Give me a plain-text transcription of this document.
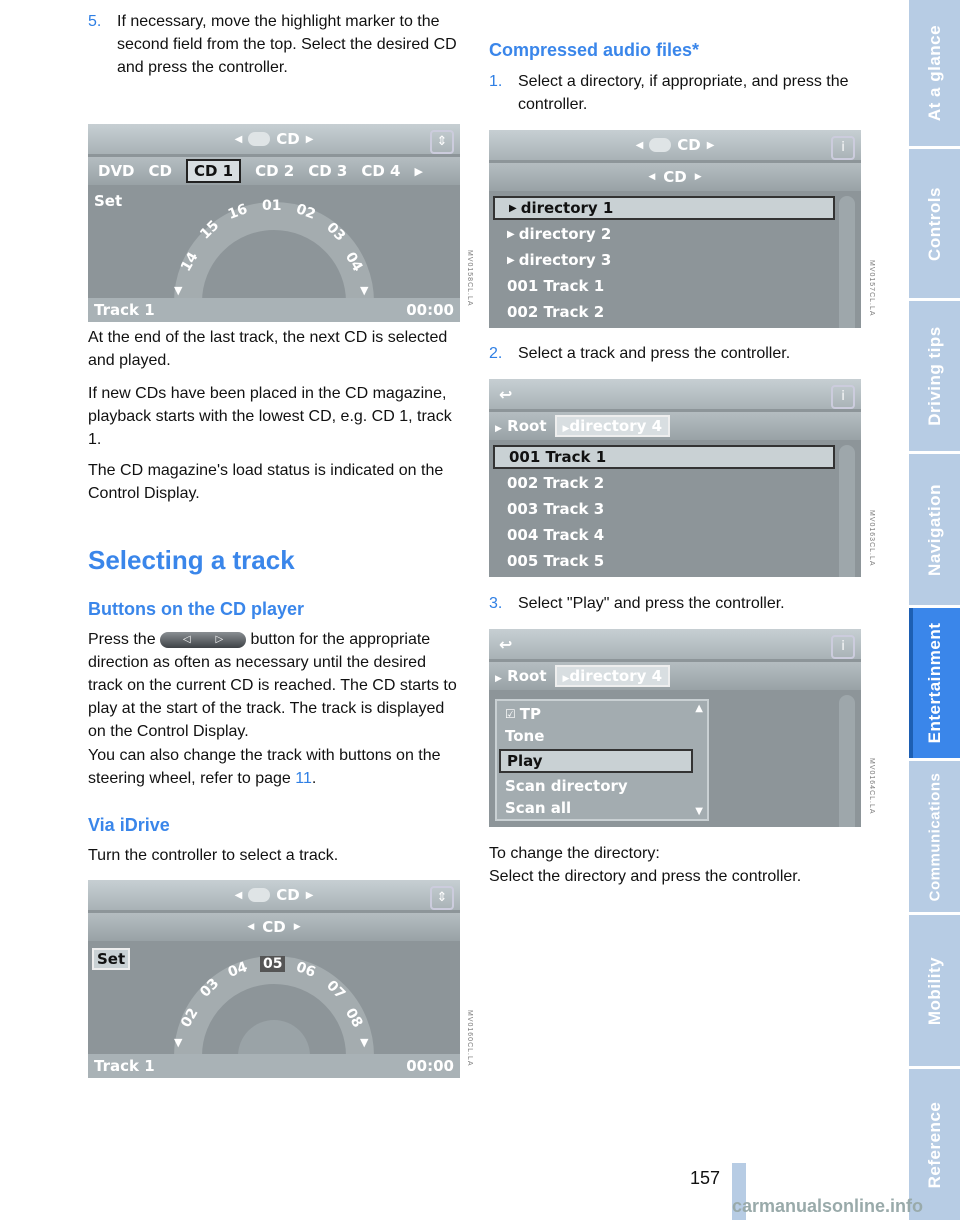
5. If necessary, move the highlight marker to the second field from the top. Select the desired CD and press the controller.
◀ CD ▶	⇕
DVD CD	CD 1	CD 2 CD 3 CD 4 ▶
Set
14
15
16 01 02
03
04
▼	▼
Track 1	00:00
MV0158CL.LA

At the end of the last track, the next CD is selected and played.

If new CDs have been placed in the CD magazine, playback starts with the lowest CD, e.g. CD 1, track 1.

The CD magazine's load status is indicated on the Control Display.

Selecting a track
Buttons on the CD player
Press the	◁         ▷ button for the appropriate direction as often as necessary until the desired track on the current CD is reached. The CD starts to play at the start of the track. The track is displayed on the Control Display.
You can also change the track with buttons on the steering wheel, refer to page 11.
Via iDrive

Turn the controller to select a track.

◀ CD ▶	⇕
◀ CD ▶
Set
02
03
04 05 06
07
08
▼	▼
Track 1	00:00 MV0160CL.LA
Compressed audio files*
1. Select a directory, if appropriate, and press the controller.
◀ CD ▶	i
◀ CD ▶
▶ directory 1
▶ directory 2
▶ directory 3
001 Track 1
002 Track 2	MV0157CL.LA
2. Select a track and press the controller.
↩	i
▶ Root	▶directory 4
001 Track 1
002 Track 2
003 Track 3
004 Track 4
005 Track 5	MV0163CL.LA
3. Select "Play" and press the controller.
↩	i
▶ Root	▶directory 4
☑ TP
Tone
Play
Scan directory
Scan all
▲
▼	MV0164CL.LA
To change the directory:
Select the directory and press the controller.
157
At a glance
Controls
Driving tips
Navigation
Entertainment
Communications
Mobility
Reference
carmanualsonline.info
